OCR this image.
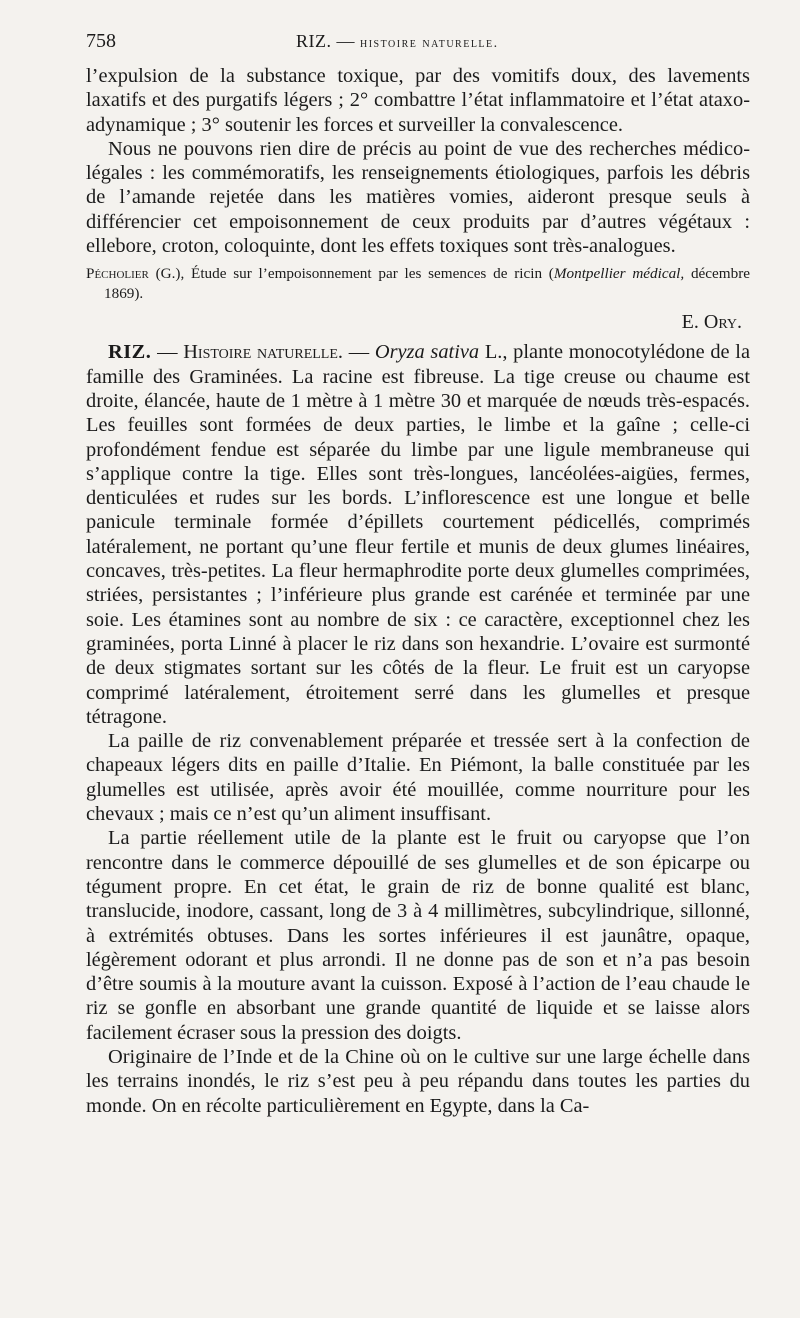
758	RIZ. — histoire naturelle.

l’expulsion de la substance toxique, par des vomitifs doux, des lavements laxatifs et des purgatifs légers ; 2° combattre l’état inflammatoire et l’état ataxo-adynamique ; 3° soutenir les forces et surveiller la convalescence.

Nous ne pouvons rien dire de précis au point de vue des recherches médico-légales : les commémoratifs, les renseignements étiologiques, parfois les débris de l’amande rejetée dans les matières vomies, aideront presque seuls à différencier cet empoisonnement de ceux produits par d’autres végétaux : ellebore, croton, coloquinte, dont les effets toxiques sont très-analogues.

Pécholier (G.), Étude sur l’empoisonnement par les semences de ricin (Montpellier médical, décembre 1869).

E. Ory.

RIZ. — Histoire naturelle. — Oryza sativa L., plante monocotylédone de la famille des Graminées. La racine est fibreuse. La tige creuse ou chaume est droite, élancée, haute de 1 mètre à 1 mètre 30 et marquée de nœuds très-espacés. Les feuilles sont formées de deux parties, le limbe et la gaîne ; celle-ci profondément fendue est séparée du limbe par une ligule membraneuse qui s’applique contre la tige. Elles sont très-longues, lancéolées-aigües, fermes, denticulées et rudes sur les bords. L’inflorescence est une longue et belle panicule terminale formée d’épillets courtement pédicellés, comprimés latéralement, ne portant qu’une fleur fertile et munis de deux glumes linéaires, concaves, très-petites. La fleur hermaphrodite porte deux glumelles comprimées, striées, persistantes ; l’inférieure plus grande est carénée et terminée par une soie. Les étamines sont au nombre de six : ce caractère, exceptionnel chez les graminées, porta Linné à placer le riz dans son hexandrie. L’ovaire est surmonté de deux stigmates sortant sur les côtés de la fleur. Le fruit est un caryopse comprimé latéralement, étroitement serré dans les glumelles et presque tétragone.

La paille de riz convenablement préparée et tressée sert à la confection de chapeaux légers dits en paille d’Italie. En Piémont, la balle constituée par les glumelles est utilisée, après avoir été mouillée, comme nourriture pour les chevaux ; mais ce n’est qu’un aliment insuffisant.

La partie réellement utile de la plante est le fruit ou caryopse que l’on rencontre dans le commerce dépouillé de ses glumelles et de son épicarpe ou tégument propre. En cet état, le grain de riz de bonne qualité est blanc, translucide, inodore, cassant, long de 3 à 4 millimètres, subcylindrique, sillonné, à extrémités obtuses. Dans les sortes inférieures il est jaunâtre, opaque, légèrement odorant et plus arrondi. Il ne donne pas de son et n’a pas besoin d’être soumis à la mouture avant la cuisson. Exposé à l’action de l’eau chaude le riz se gonfle en absorbant une grande quantité de liquide et se laisse alors facilement écraser sous la pression des doigts.

Originaire de l’Inde et de la Chine où on le cultive sur une large échelle dans les terrains inondés, le riz s’est peu à peu répandu dans toutes les parties du monde. On en récolte particulièrement en Egypte, dans la Ca-
